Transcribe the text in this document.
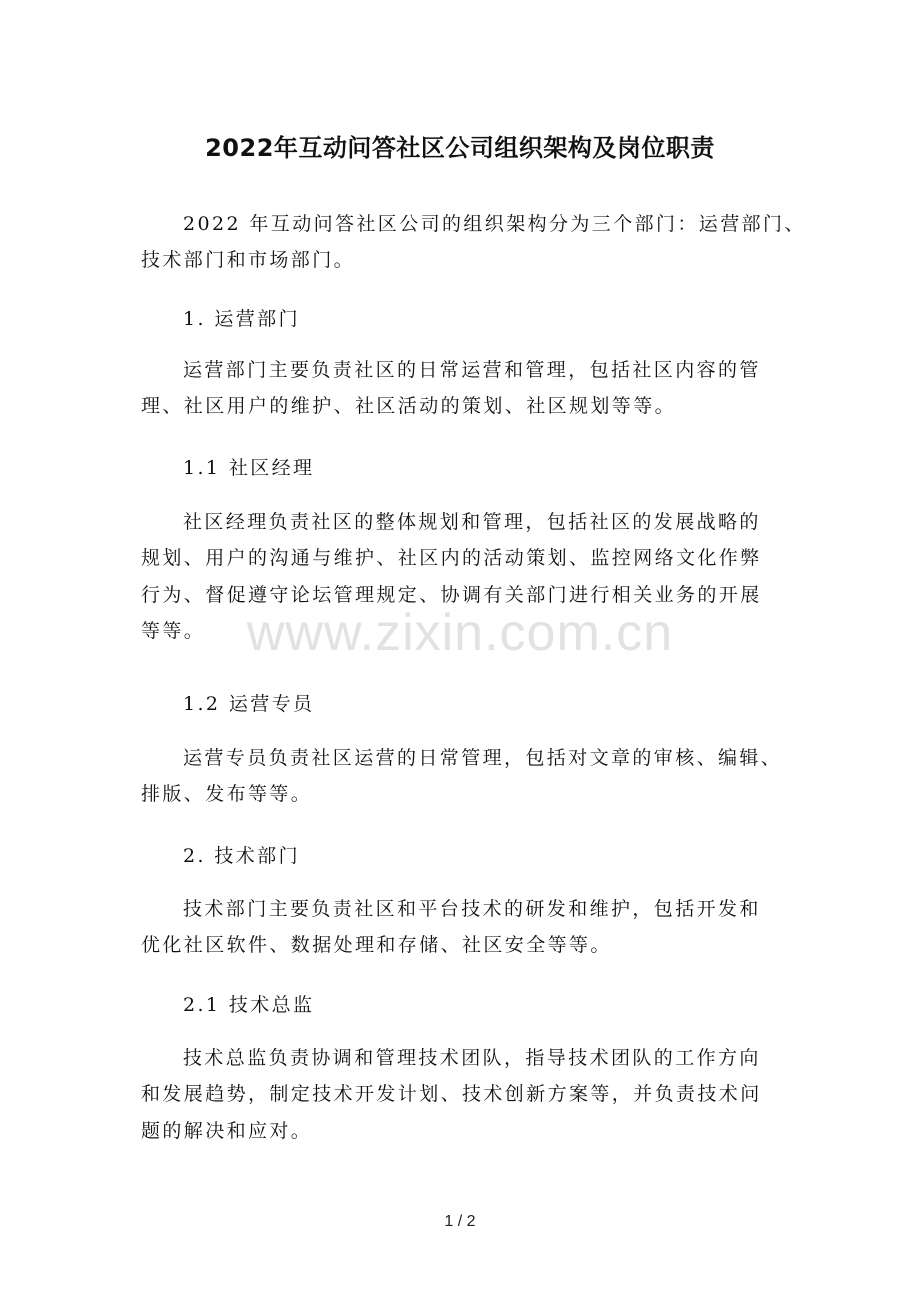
2022年互动问答社区公司组织架构及岗位职责

2022 年互动问答社区公司的组织架构分为三个部门：运营部门、
技术部门和市场部门。

1. 运营部门

运营部门主要负责社区的日常运营和管理，包括社区内容的管
理、社区用户的维护、社区活动的策划、社区规划等等。

1.1 社区经理

社区经理负责社区的整体规划和管理，包括社区的发展战略的
规划、用户的沟通与维护、社区内的活动策划、监控网络文化作弊
行为、督促遵守论坛管理规定、协调有关部门进行相关业务的开展
等等。

1.2 运营专员

运营专员负责社区运营的日常管理，包括对文章的审核、编辑、
排版、发布等等。

2. 技术部门

技术部门主要负责社区和平台技术的研发和维护，包括开发和
优化社区软件、数据处理和存储、社区安全等等。

2.1 技术总监

技术总监负责协调和管理技术团队，指导技术团队的工作方向
和发展趋势，制定技术开发计划、技术创新方案等，并负责技术问
题的解决和应对。

www.zixin.com.cn
1 / 2
